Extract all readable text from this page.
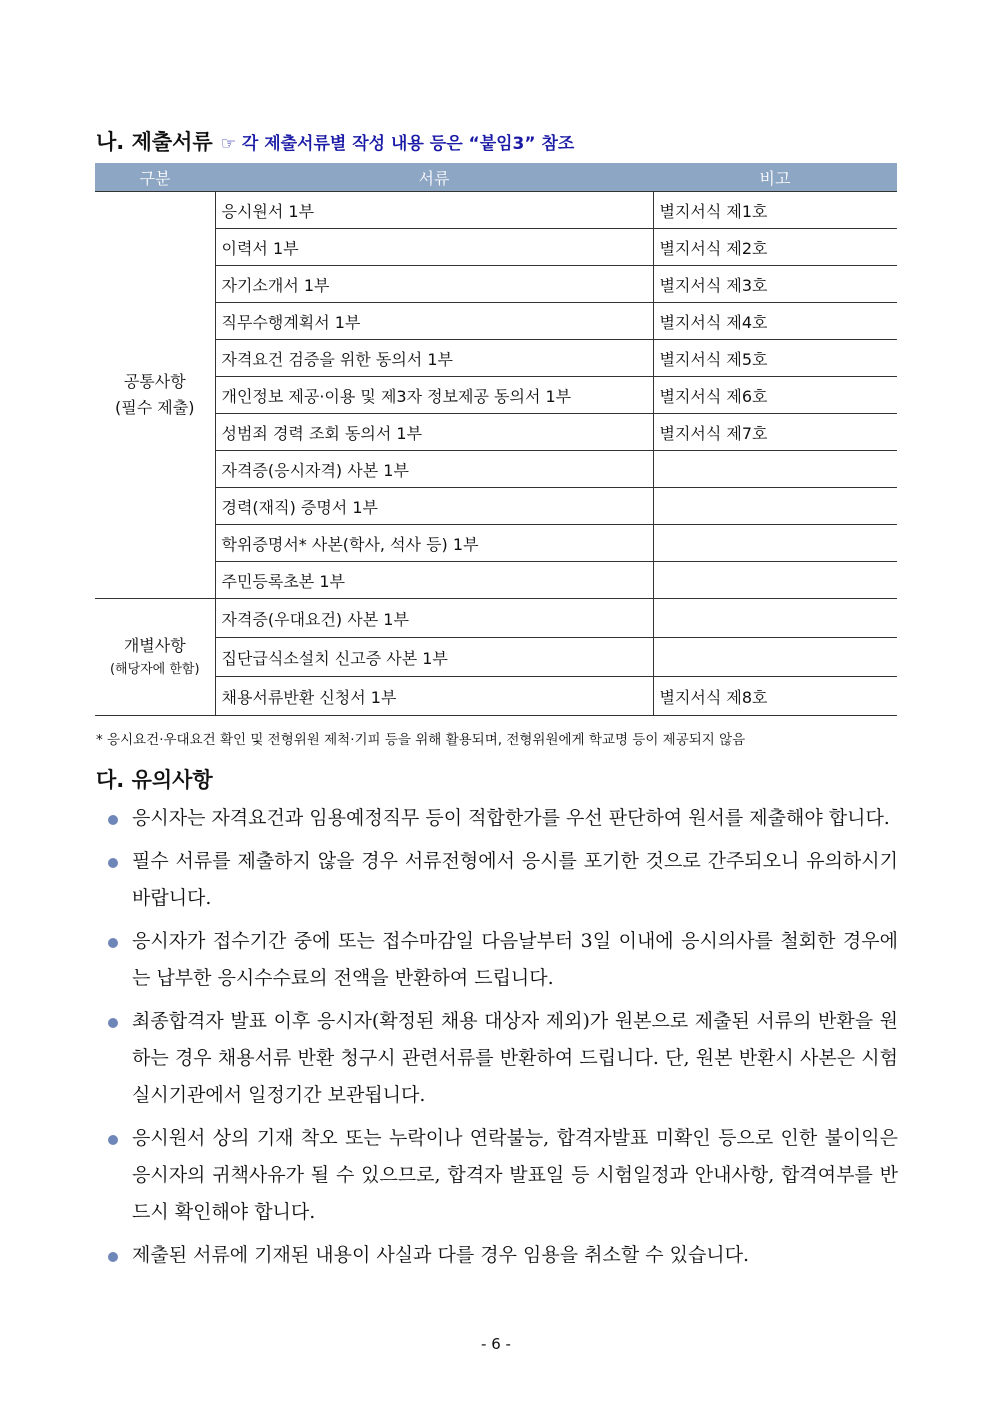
나. 제출서류 ☞ 각 제출서류별 작성 내용 등은 “붙임3” 참조
구분	서류	비고

공통사항
(필수 제출)	응시원서 1부	별지서식 제1호
	이력서 1부	별지서식 제2호
	자기소개서 1부	별지서식 제3호
	직무수행계획서 1부	별지서식 제4호
	자격요건 검증을 위한 동의서 1부	별지서식 제5호
	개인정보 제공·이용 및 제3자 정보제공 동의서 1부	별지서식 제6호
	성범죄 경력 조회 동의서 1부	별지서식 제7호
	자격증(응시자격) 사본 1부	
	경력(재직) 증명서 1부	
	학위증명서* 사본(학사, 석사 등) 1부	
	주민등록초본 1부	

개별사항
(해당자에 한함)	자격증(우대요건) 사본 1부	
	집단급식소설치 신고증 사본 1부	
	채용서류반환 신청서 1부	별지서식 제8호
* 응시요건·우대요건 확인 및 전형위원 제척·기피 등을 위해 활용되며, 전형위원에게 학교명 등이 제공되지 않음
다. 유의사항
응시자는 자격요건과 임용예정직무 등이 적합한가를 우선 판단하여 원서를 제출해야 합니다.
필수 서류를 제출하지 않을 경우 서류전형에서 응시를 포기한 것으로 간주되오니 유의하시기 바랍니다.
응시자가 접수기간 중에 또는 접수마감일 다음날부터 3일 이내에 응시의사를 철회한 경우에는 납부한 응시수수료의 전액을 반환하여 드립니다.
최종합격자 발표 이후 응시자(확정된 채용 대상자 제외)가 원본으로 제출된 서류의 반환을 원하는 경우 채용서류 반환 청구시 관련서류를 반환하여 드립니다. 단, 원본 반환시 사본은 시험실시기관에서 일정기간 보관됩니다.
응시원서 상의 기재 착오 또는 누락이나 연락불능, 합격자발표 미확인 등으로 인한 불이익은 응시자의 귀책사유가 될 수 있으므로, 합격자 발표일 등 시험일정과 안내사항, 합격여부를 반드시 확인해야 합니다.
제출된 서류에 기재된 내용이 사실과 다를 경우 임용을 취소할 수 있습니다.
- 6 -
